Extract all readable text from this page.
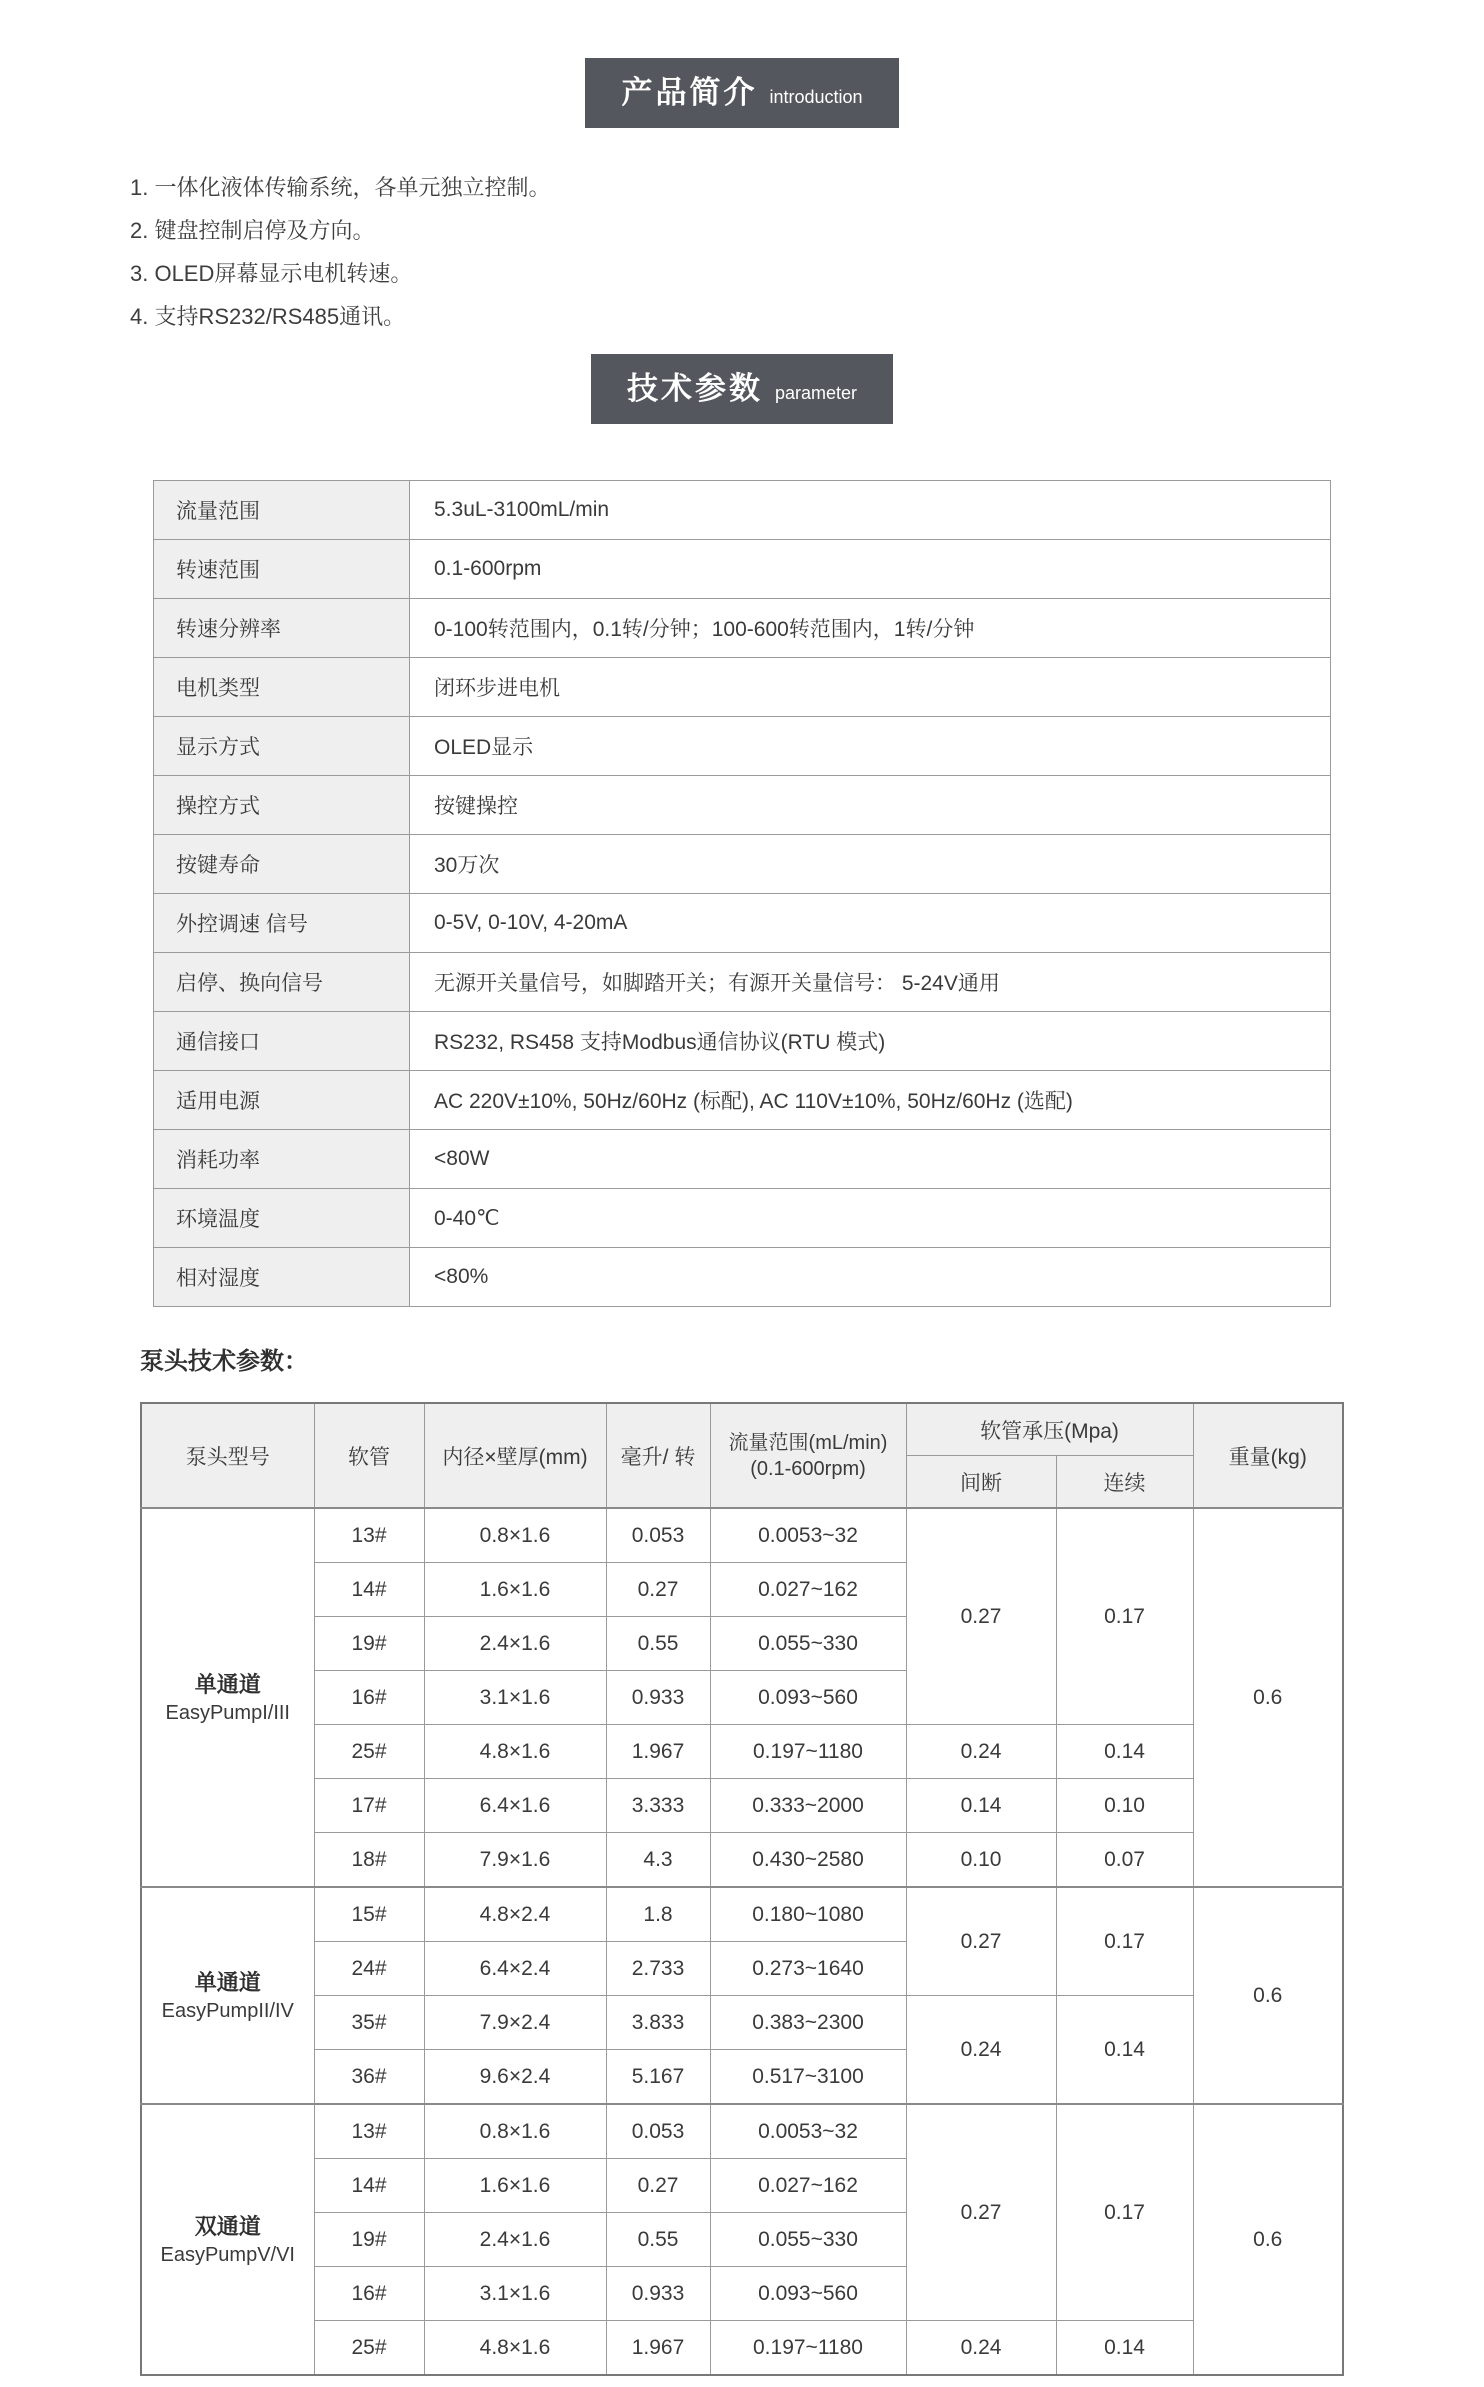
产品简介 introduction
1. 一体化液体传输系统，各单元独立控制。
2. 键盘控制启停及方向。
3. OLED屏幕显示电机转速。
4. 支持RS232/RS485通讯。
技术参数 parameter
流量范围	5.3uL-3100mL/min
转速范围	0.1-600rpm
转速分辨率	0-100转范围内，0.1转/分钟；100-600转范围内，1转/分钟
电机类型	闭环步进电机
显示方式	OLED显示
操控方式	按键操控
按键寿命	30万次
外控调速 信号	0-5V, 0-10V, 4-20mA
启停、换向信号	无源开关量信号，如脚踏开关；有源开关量信号： 5-24V通用
通信接口	RS232, RS458 支持Modbus通信协议(RTU 模式)
适用电源	AC 220V±10%, 50Hz/60Hz (标配), AC 110V±10%, 50Hz/60Hz (选配)
消耗功率	<80W
环境温度	0-40℃
相对湿度	<80%
泵头技术参数：
泵头型号	软管	内径×壁厚(mm)	毫升/ 转	流量范围(mL/min)
(0.1-600rpm)	软管承压(Mpa)		重量(kg)
					间断	连续	

单通道
EasyPumpI/III	13#	0.8×1.6	0.053	0.0053~32	0.27	0.17	0.6
	14#	1.6×1.6	0.27	0.027~162			
	19#	2.4×1.6	0.55	0.055~330			
	16#	3.1×1.6	0.933	0.093~560			
	25#	4.8×1.6	1.967	0.197~1180	0.24	0.14	
	17#	6.4×1.6	3.333	0.333~2000	0.14	0.10	
	18#	7.9×1.6	4.3	0.430~2580	0.10	0.07	

单通道
EasyPumpII/IV	15#	4.8×2.4	1.8	0.180~1080	0.27	0.17	0.6
	24#	6.4×2.4	2.733	0.273~1640			
	35#	7.9×2.4	3.833	0.383~2300	0.24	0.14	
	36#	9.6×2.4	5.167	0.517~3100			

双通道
EasyPumpV/VI	13#	0.8×1.6	0.053	0.0053~32	0.27	0.17	0.6
	14#	1.6×1.6	0.27	0.027~162			
	19#	2.4×1.6	0.55	0.055~330			
	16#	3.1×1.6	0.933	0.093~560			
	25#	4.8×1.6	1.967	0.197~1180	0.24	0.14	
